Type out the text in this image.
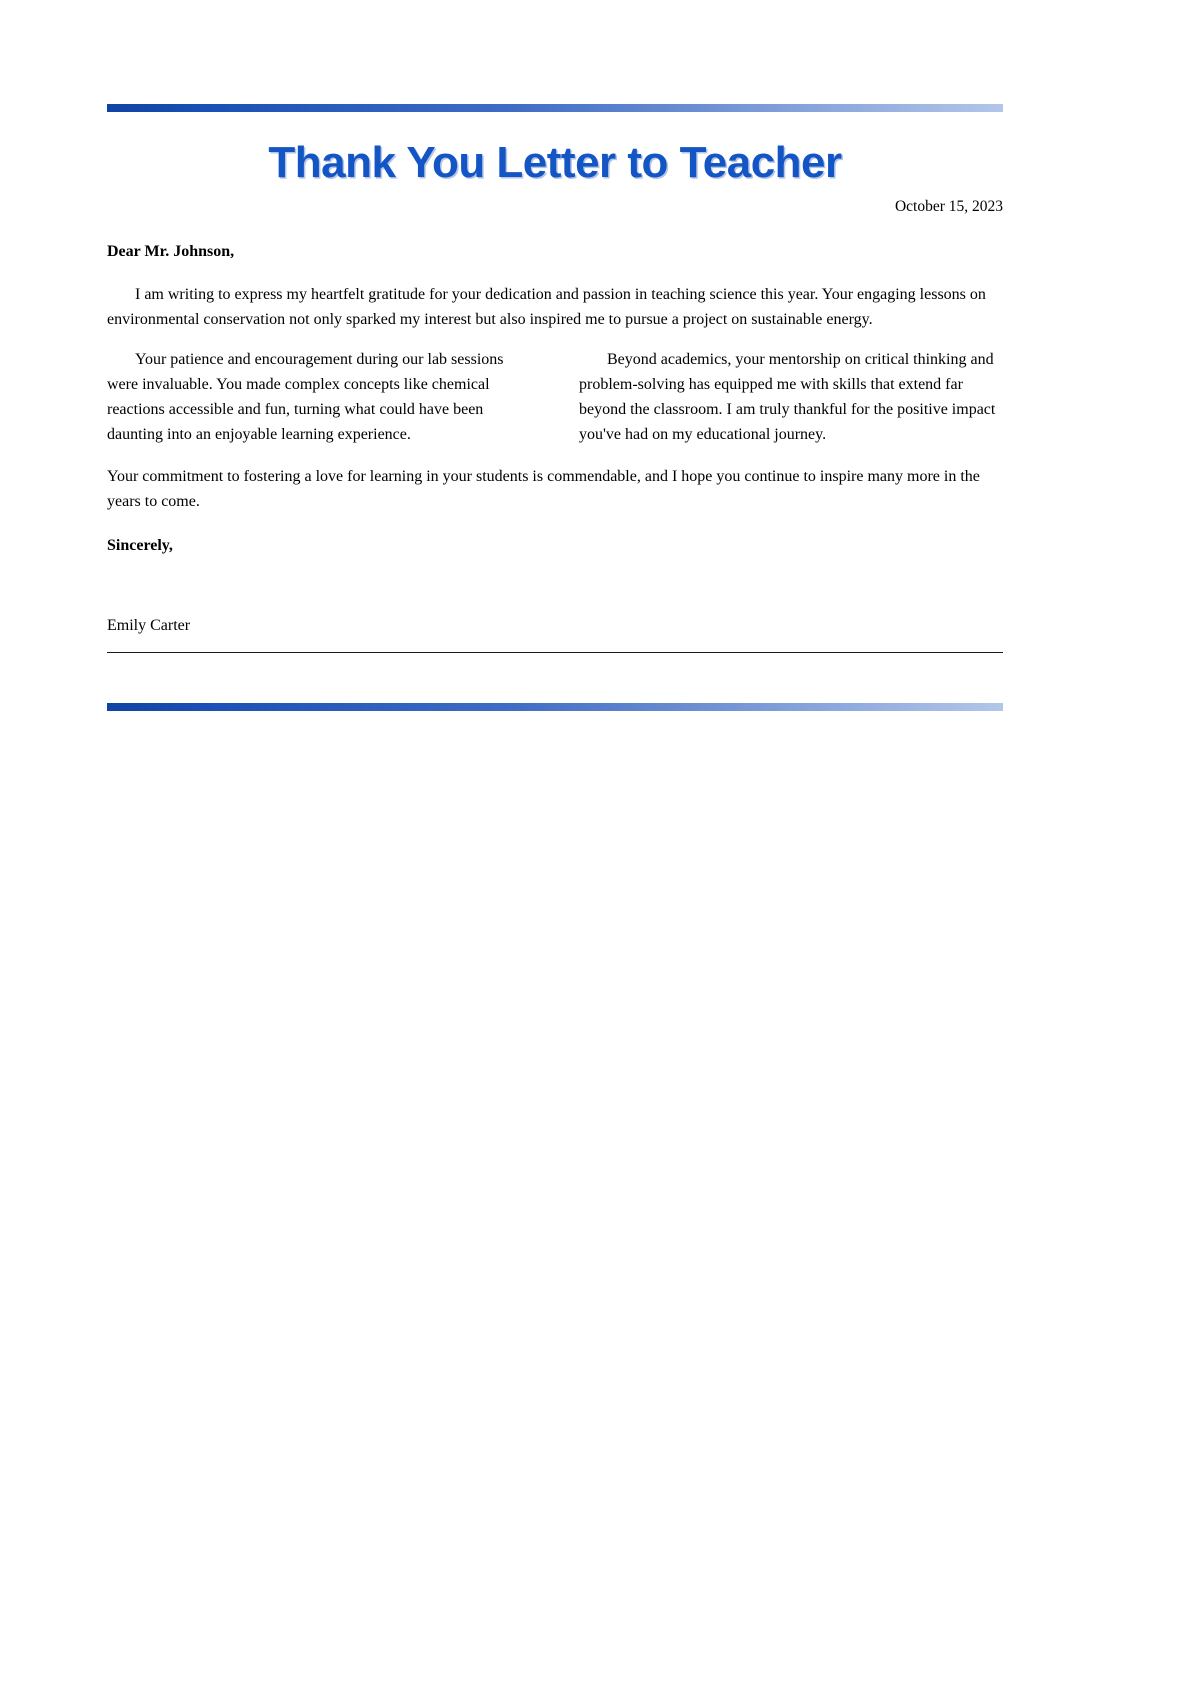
Thank You Letter to Teacher
October 15, 2023
Dear Mr. Johnson,

I am writing to express my heartfelt gratitude for your dedication and passion in teaching science this year. Your engaging lessons on environmental conservation not only sparked my interest but also inspired me to pursue a project on sustainable energy.

Your patience and encouragement during our lab sessions were invaluable. You made complex concepts like chemical reactions accessible and fun, turning what could have been daunting into an enjoyable learning experience.

Beyond academics, your mentorship on critical thinking and problem-solving has equipped me with skills that extend far beyond the classroom. I am truly thankful for the positive impact you've had on my educational journey.

Your commitment to fostering a love for learning in your students is commendable, and I hope you continue to inspire many more in the years to come.

Sincerely,
Emily Carter
